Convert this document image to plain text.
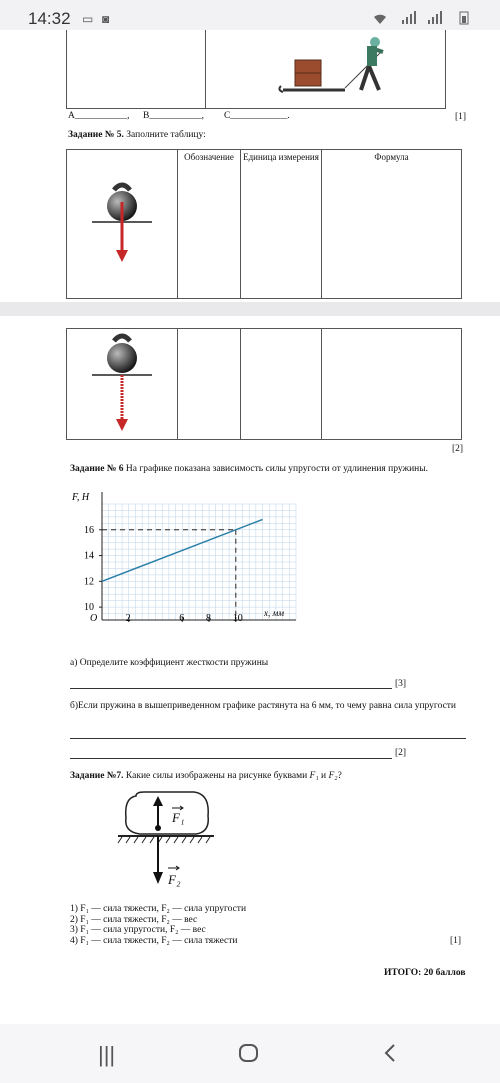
14:32 ▭ ◙
A___________, B___________, C____________.	[1]
Задание № 5. Заполните таблицу:
	Обозначение	Единица измерения	Формула

[2]
Задание № 6 На графике показана зависимость силы упругости от удлинения пружины.
F, Н
x, мм
10
12
14
16
2	6 8 10
О
а) Определите коэффициент жесткости пружины
[3]
б)Если пружина в вышеприведенном графике растянута на 6 мм, то чему равна сила упругости
[2]
Задание №7. Какие силы изображены на рисунке буквами F₁ и F₂?
F₁
F₂
1) F₁ — сила тяжести, F₂ — сила упругости
2) F₁ — сила тяжести, F₂ — вес
3) F₁ — сила упругости, F₂ — вес
4) F₁ — сила тяжести, F₂ — сила тяжести	[1]
ИТОГО: 20 баллов
|||
